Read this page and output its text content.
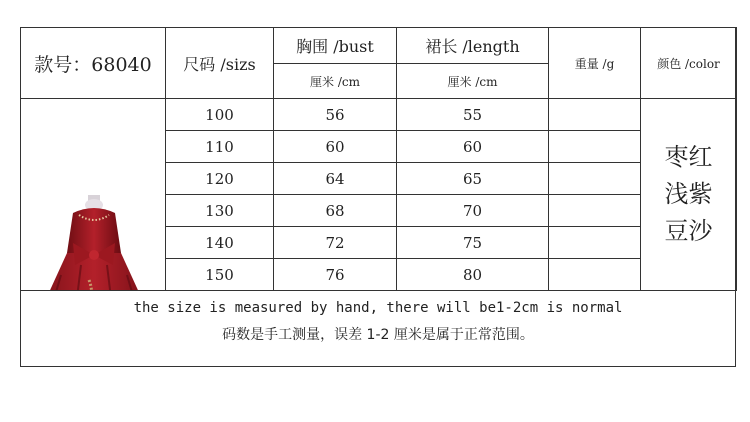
款号：68040	尺码 /sizs	胸围 /bust	裙长 /length	重量 /g	颜色 /color
		厘米 /cm	厘米 /cm		

	100	56	55		枣红
浅紫
豆沙

	110	60	60		
	120	64	65		
	130	68	70		
	140	72	75		
	150	76	80		
the size is measured by hand, there will be1-2cm is normal
码数是手工测量，误差 1-2 厘米是属于正常范围。
